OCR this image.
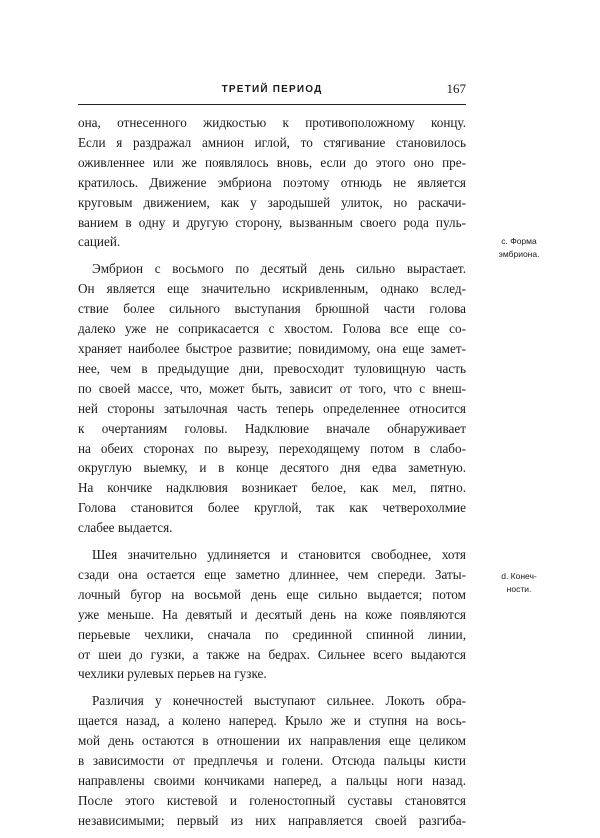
ТРЕТИЙ ПЕРИОД	167

она, отнесенного жидкостью к противоположному концу.
Если я раздражал амнион иглой, то стягивание становилось
оживленнее или же появлялось вновь, если до этого оно пре-
кратилось. Движение эмбриона поэтому отнюдь не является
круговым движением, как у зародышей улиток, но раскачи-
ванием в одну и другую сторону, вызванным своего рода пуль-
сацией.

Эмбрион с восьмого по десятый день сильно вырастает.
Он является еще значительно искривленным, однако вслед-
ствие более сильного выступания брюшной части голова
далеко уже не соприкасается с хвостом. Голова все еще со-
храняет наиболее быстрое развитие; повидимому, она еще замет-
нее, чем в предыдущие дни, превосходит туловищную часть
по своей массе, что, может быть, зависит от того, что с внеш-
ней стороны затылочная часть теперь определеннее относится
к очертаниям головы. Надклювие вначале обнаруживает
на обеих сторонах по вырезу, переходящему потом в слабо-
округлую выемку, и в конце десятого дня едва заметную.
На кончике надклювия возникает белое, как мел, пятно.
Голова становится более круглой, так как четверохолмие
слабее выдается.

Шея значительно удлиняется и становится свободнее, хотя
сзади она остается еще заметно длиннее, чем спереди. Заты-
лочный бугор на восьмой день еще сильно выдается; потом
уже меньше. На девятый и десятый день на коже появляются
перьевые чехлики, сначала по срединной спинной линии,
от шеи до гузки, а также на бедрах. Сильнее всего выдаются
чехлики рулевых перьев на гузке.

Различия у конечностей выступают сильнее. Локоть обра-
щается назад, а колено наперед. Крыло же и ступня на вось-
мой день остаются в отношении их направления еще целиком
в зависимости от предплечья и голени. Отсюда пальцы кисти
направлены своими кончиками наперед, а пальцы ноги назад.
После этого кистевой и голеностопный суставы становятся
независимыми; первый из них направляется своей разгиба-

c. Форма
эмбриона.
d. Конеч-
ности.
